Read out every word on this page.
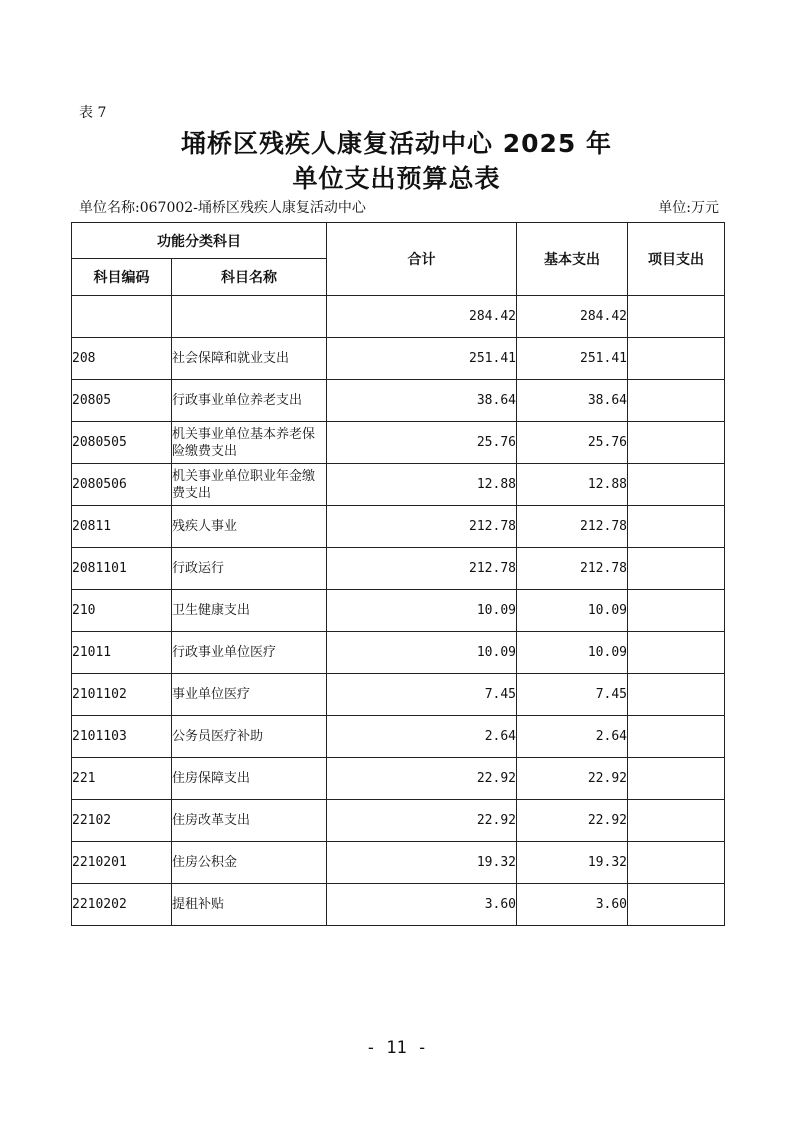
表 7
埇桥区残疾人康复活动中心 2025 年
单位支出预算总表
单位名称:067002-埇桥区残疾人康复活动中心	单位:万元
功能分类科目		合计	基本支出	项目支出
科目编码	科目名称			
		284.42	284.42	
208	社会保障和就业支出	251.41	251.41	
20805	行政事业单位养老支出	38.64	38.64	
2080505	机关事业单位基本养老保险缴费支出	25.76	25.76	
2080506	机关事业单位职业年金缴费支出	12.88	12.88	
20811	残疾人事业	212.78	212.78	
2081101	行政运行	212.78	212.78	
210	卫生健康支出	10.09	10.09	
21011	行政事业单位医疗	10.09	10.09	
2101102	事业单位医疗	7.45	7.45	
2101103	公务员医疗补助	2.64	2.64	
221	住房保障支出	22.92	22.92	
22102	住房改革支出	22.92	22.92	
2210201	住房公积金	19.32	19.32	
2210202	提租补贴	3.60	3.60	
- 11 -
